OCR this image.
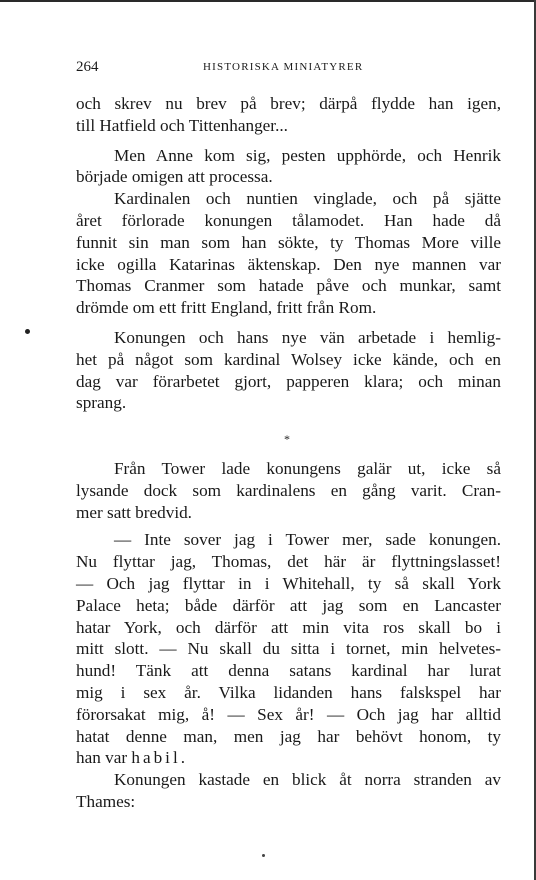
264	HISTORISKA MINIATYRER

och skrev nu brev på brev; därpå flydde han igen,
till Hatfield och Tittenhanger...

Men Anne kom sig, pesten upphörde, och Henrik
började omigen att processa.

Kardinalen och nuntien vinglade, och på sjätte
året förlorade konungen tålamodet. Han hade då
funnit sin man som han sökte, ty Thomas More ville
icke ogilla Katarinas äktenskap. Den nye mannen var
Thomas Cranmer som hatade påve och munkar, samt
drömde om ett fritt England, fritt från Rom.

Konungen och hans nye vän arbetade i hemlig-
het på något som kardinal Wolsey icke kände, och en
dag var förarbetet gjort, papperen klara; och minan
sprang.

*

Från Tower lade konungens galär ut, icke så
lysande dock som kardinalens en gång varit. Cran-
mer satt bredvid.

— Inte sover jag i Tower mer, sade konungen.
Nu flyttar jag, Thomas, det här är flyttningslasset!
— Och jag flyttar in i Whitehall, ty så skall York
Palace heta; både därför att jag som en Lancaster
hatar York, och därför att min vita ros skall bo i
mitt slott. — Nu skall du sitta i tornet, min helvetes-
hund! Tänk att denna satans kardinal har lurat
mig i sex år. Vilka lidanden hans falskspel har
förorsakat mig, å! — Sex år! — Och jag har alltid
hatat denne man, men jag har behövt honom, ty
han var habil.

Konungen kastade en blick åt norra stranden av
Thames:
